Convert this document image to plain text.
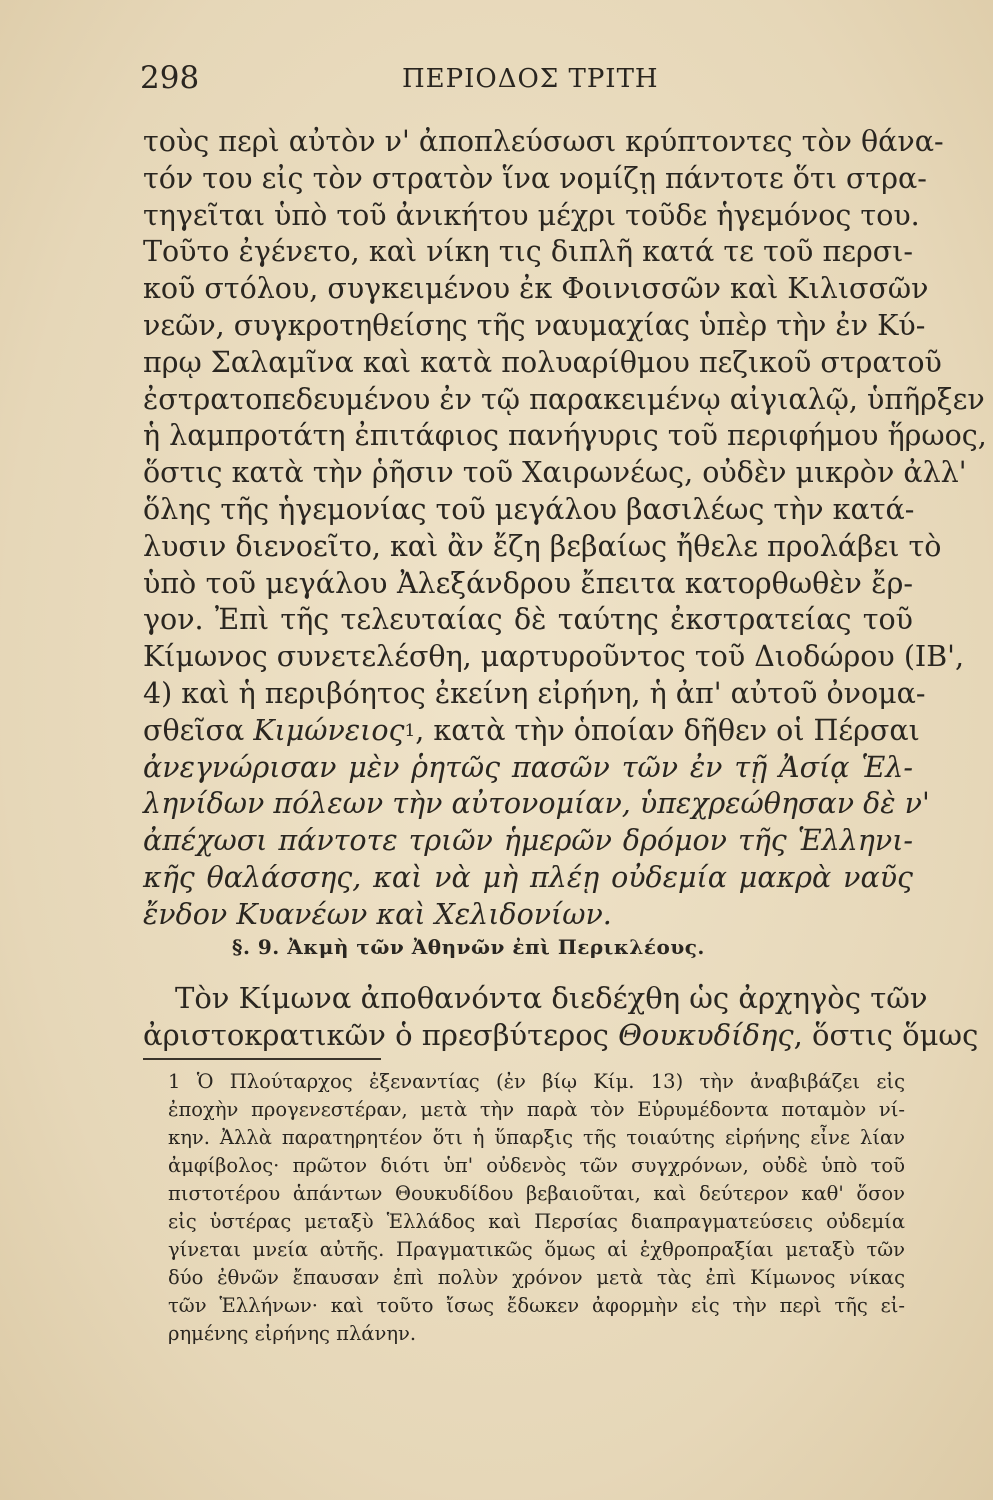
298	ΠΕΡΙΟΔΟΣ ΤΡΙΤΗ
τοὺς περὶ αὐτὸν ν' ἀποπλεύσωσι κρύπτοντες τὸν θάνα-
τόν του εἰς τὸν στρατὸν ἵνα νομίζῃ πάντοτε ὅτι στρα-
τηγεῖται ὑπὸ τοῦ ἀνικήτου μέχρι τοῦδε ἡγεμόνος του.
Τοῦτο ἐγένετο, καὶ νίκη τις διπλῆ κατά τε τοῦ περσι-
κοῦ στόλου, συγκειμένου ἐκ Φοινισσῶν καὶ Κιλισσῶν
νεῶν, συγκροτηθείσης τῆς ναυμαχίας ὑπὲρ τὴν ἐν Κύ-
πρῳ Σαλαμῖνα καὶ κατὰ πολυαρίθμου πεζικοῦ στρατοῦ
ἐστρατοπεδευμένου ἐν τῷ παρακειμένῳ αἰγιαλῷ, ὑπῆρξεν
ἡ λαμπροτάτη ἐπιτάφιος πανήγυρις τοῦ περιφήμου ἥρωος,
ὅστις κατὰ τὴν ῥῆσιν τοῦ Χαιρωνέως, οὐδὲν μικρὸν ἀλλ'
ὅλης τῆς ἡγεμονίας τοῦ μεγάλου βασιλέως τὴν κατά-
λυσιν διενοεῖτο, καὶ ἂν ἔζη βεβαίως ἤθελε προλάβει τὸ
ὑπὸ τοῦ μεγάλου Ἀλεξάνδρου ἔπειτα κατορθωθὲν ἔρ-
γον. Ἐπὶ τῆς τελευταίας δὲ ταύτης ἐκστρατείας τοῦ
Κίμωνος συνετελέσθη, μαρτυροῦντος τοῦ Διοδώρου (ΙΒ',
4) καὶ ἡ περιβόητος ἐκείνη εἰρήνη, ἡ ἀπ' αὐτοῦ ὀνομα-
σθεῖσα Κιμώνειος$^1$, κατὰ τὴν ὁποίαν δῆθεν οἱ Πέρσαι
ἀνεγνώρισαν μὲν ῥητῶς πασῶν τῶν ἐν τῇ Ἀσίᾳ Ἑλ-
ληνίδων πόλεων τὴν αὐτονομίαν, ὑπεχρεώθησαν δὲ ν'
ἀπέχωσι πάντοτε τριῶν ἡμερῶν δρόμον τῆς Ἑλληνι-
κῆς θαλάσσης, καὶ νὰ μὴ πλέῃ οὐδεμία μακρὰ ναῦς
ἔνδον Κυανέων καὶ Χελιδονίων.
§. 9. Ἀκμὴ τῶν Ἀθηνῶν ἐπὶ Περικλέους.
Τὸν Κίμωνα ἀποθανόντα διεδέχθη ὡς ἀρχηγὸς τῶν
ἀριστοκρατικῶν ὁ πρεσβύτερος Θουκυδίδης, ὅστις ὅμως
1 Ὁ Πλούταρχος ἐξεναντίας (ἐν βίῳ Κίμ. 13) τὴν ἀναβιβάζει εἰς
ἐποχὴν προγενεστέραν, μετὰ τὴν παρὰ τὸν Εὐρυμέδοντα ποταμὸν νί-
κην. Ἀλλὰ παρατηρητέον ὅτι ἡ ὕπαρξις τῆς τοιαύτης εἰρήνης εἶνε λίαν
ἀμφίβολος· πρῶτον διότι ὑπ' οὐδενὸς τῶν συγχρόνων, οὐδὲ ὑπὸ τοῦ
πιστοτέρου ἁπάντων Θουκυδίδου βεβαιοῦται, καὶ δεύτερον καθ' ὅσον
εἰς ὑστέρας μεταξὺ Ἑλλάδος καὶ Περσίας διαπραγματεύσεις οὐδεμία
γίνεται μνεία αὐτῆς. Πραγματικῶς ὅμως αἱ ἐχθροπραξίαι μεταξὺ τῶν
δύο ἐθνῶν ἔπαυσαν ἐπὶ πολὺν χρόνον μετὰ τὰς ἐπὶ Κίμωνος νίκας
τῶν Ἑλλήνων· καὶ τοῦτο ἴσως ἔδωκεν ἀφορμὴν εἰς τὴν περὶ τῆς εἰ-
ρημένης εἰρήνης πλάνην.
